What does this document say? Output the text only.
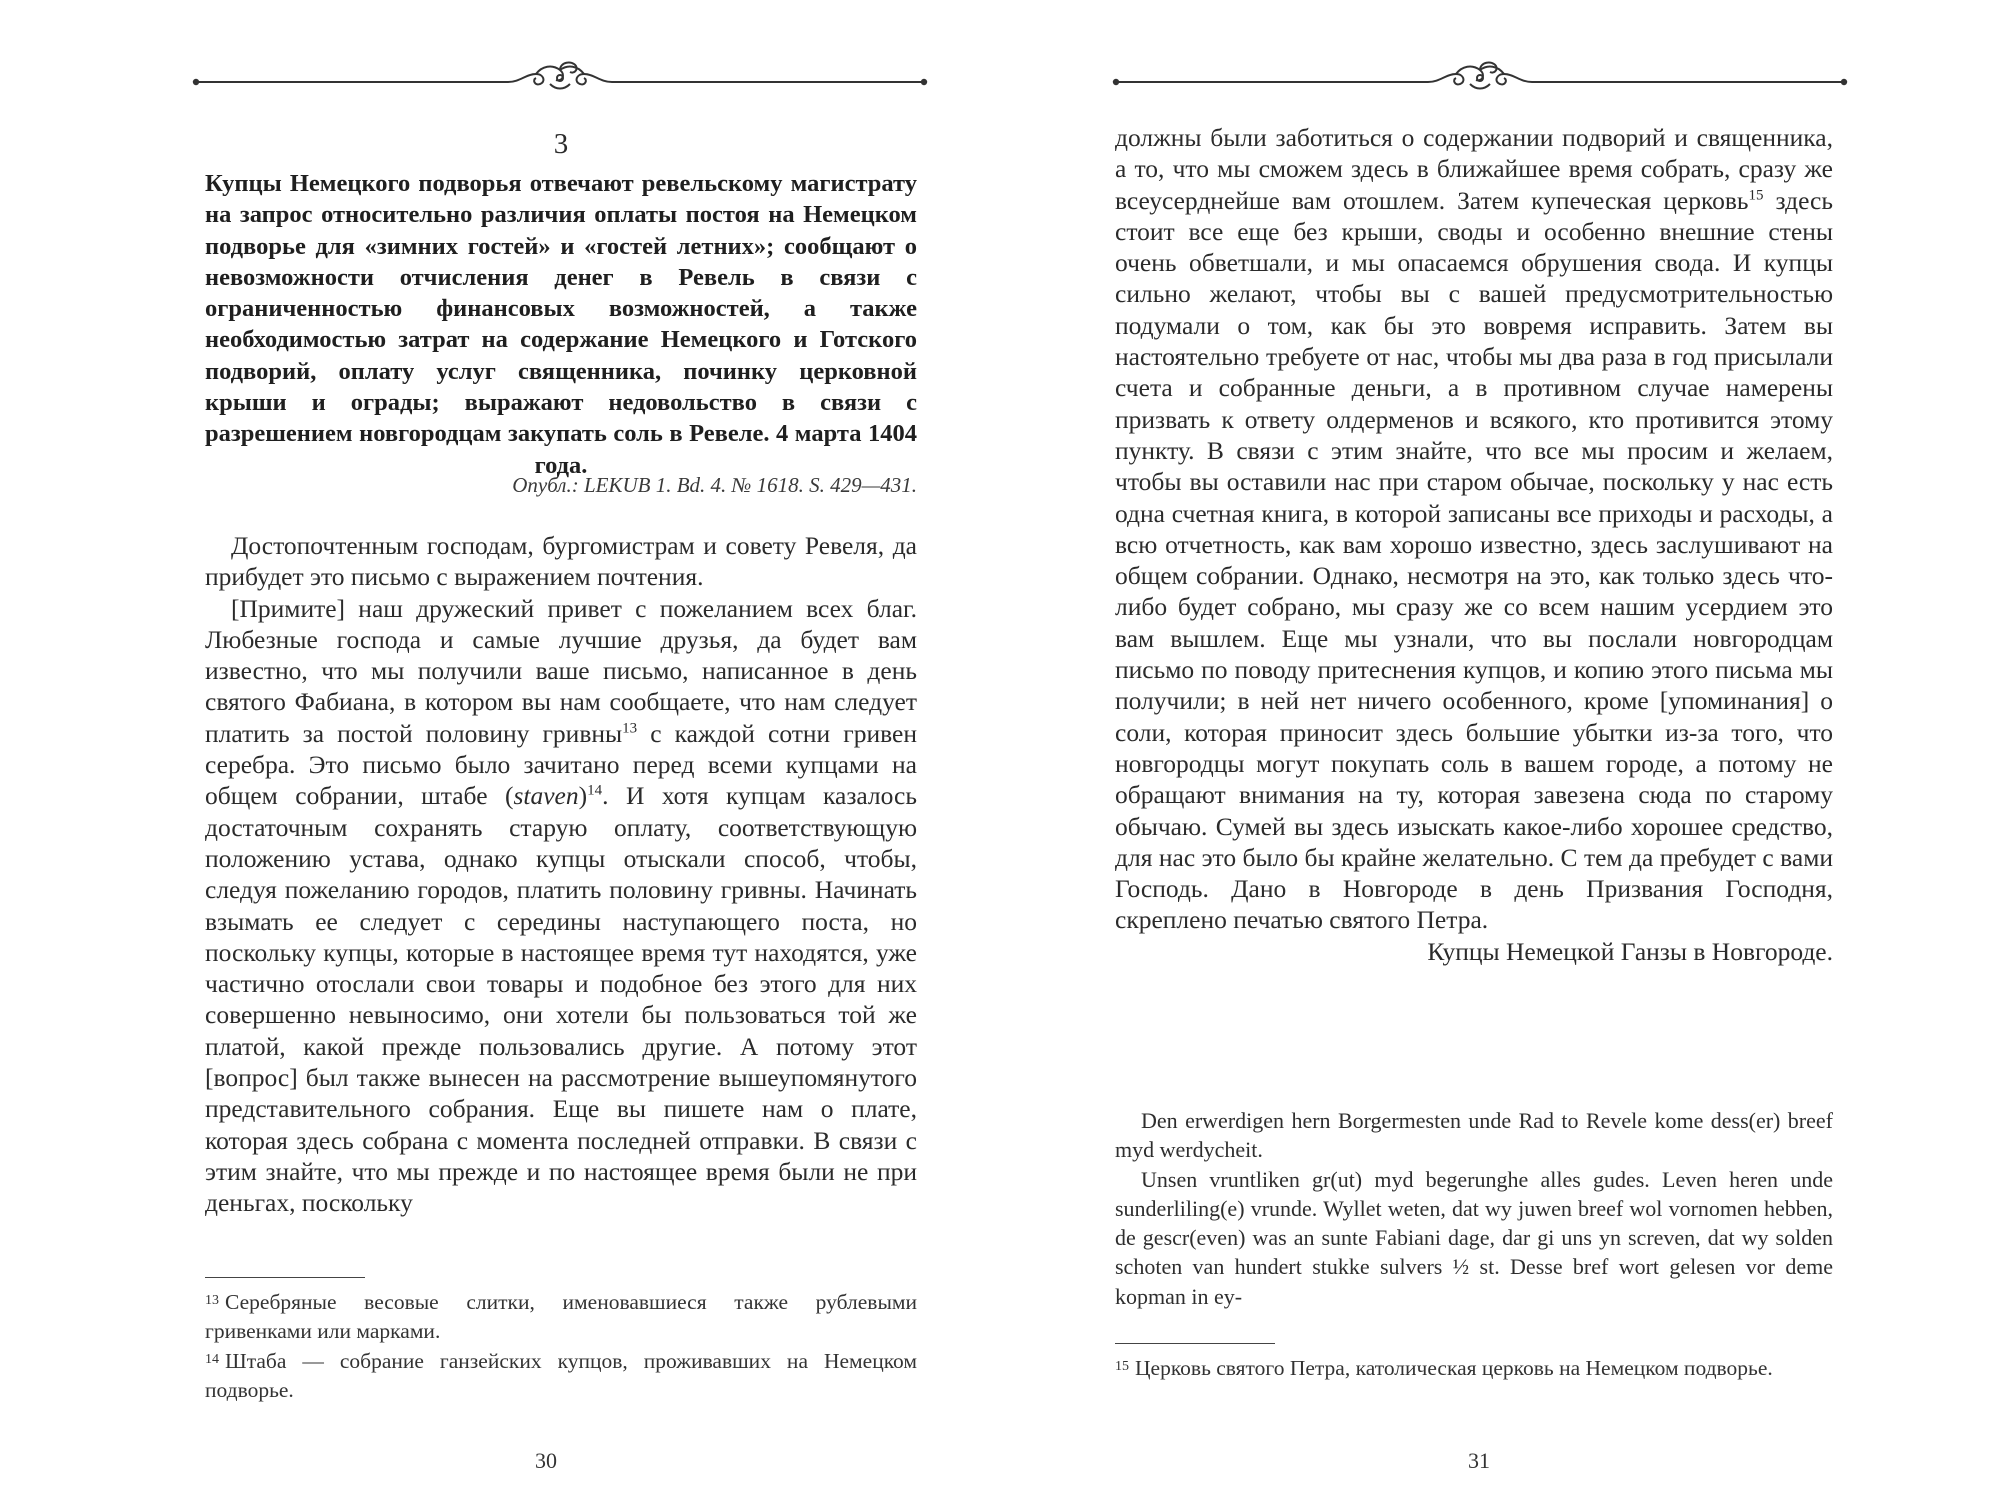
3
Купцы Немецкого подворья отвечают ревельскому магистрату на запрос относительно различия оплаты постоя на Немецком подворье для «зимних гостей» и «гостей летних»; сообщают о невозможности отчисления денег в Ревель в связи с ограниченностью финансовых возможностей, а также необходимостью затрат на содержание Немецкого и Готского подворий, оплату услуг священника, починку церковной крыши и ограды; выражают недовольство в связи с разрешением новгородцам закупать соль в Ревеле. 4 марта 1404 года.
Опубл.: LEKUB 1. Bd. 4. № 1618. S. 429—431.

Достопочтенным господам, бургомистрам и совету Ревеля, да прибудет это письмо с выражением почтения.

[Примите] наш дружеский привет с пожеланием всех благ. Любезные господа и самые лучшие друзья, да будет вам известно, что мы получили ваше письмо, написанное в день святого Фабиана, в котором вы нам сообщаете, что нам следует платить за постой половину гривны$^{13}$ с каждой сотни гривен серебра. Это письмо было зачитано перед всеми купцами на общем собрании, штабе (staven)$^{14}$. И хотя купцам казалось достаточным сохранять старую оплату, соответствующую положению устава, однако купцы отыскали способ, чтобы, следуя пожеланию городов, платить половину гривны. Начинать взымать ее следует с середины наступающего поста, но поскольку купцы, которые в настоящее время тут находятся, уже частично отослали свои товары и подобное без этого для них совершенно невыносимо, они хотели бы пользоваться той же платой, какой прежде пользовались другие. А потому этот [вопрос] был также вынесен на рассмотрение вышеупомянутого представительного собрания. Еще вы пишете нам о плате, которая здесь собрана с момента последней отправки. В связи с этим знайте, что мы прежде и по настоящее время были не при деньгах, поскольку

$^{13}$ Серебряные весовые слитки, именовавшиеся также рублевыми гривенками или марками.

$^{14}$ Штаба — собрание ганзейских купцов, проживавших на Немецком подворье.

30

должны были заботиться о содержании подворий и священника, а то, что мы сможем здесь в ближайшее время собрать, сразу же всеусерднейше вам отошлем. Затем купеческая церковь$^{15}$ здесь стоит все еще без крыши, своды и особенно внешние стены очень обветшали, и мы опасаемся обрушения свода. И купцы сильно желают, чтобы вы с вашей предусмотрительностью подумали о том, как бы это вовремя исправить. Затем вы настоятельно требуете от нас, чтобы мы два раза в год присылали счета и собранные деньги, а в противном случае намерены призвать к ответу олдерменов и всякого, кто противится этому пункту. В связи с этим знайте, что все мы просим и желаем, чтобы вы оставили нас при старом обычае, поскольку у нас есть одна счетная книга, в которой записаны все приходы и расходы, а всю отчетность, как вам хорошо известно, здесь заслушивают на общем собрании. Однако, несмотря на это, как только здесь что-либо будет собрано, мы сразу же со всем нашим усердием это вам вышлем. Еще мы узнали, что вы послали новгородцам письмо по поводу притеснения купцов, и копию этого письма мы получили; в ней нет ничего особенного, кроме [упоминания] о соли, которая приносит здесь большие убытки из-за того, что новгородцы могут покупать соль в вашем городе, а потому не обращают внимания на ту, которая завезена сюда по старому обычаю. Сумей вы здесь изыскать какое-либо хорошее средство, для нас это было бы крайне желательно. С тем да пребудет с вами Господь. Дано в Новгороде в день Призвания Господня, скреплено печатью святого Петра.

Купцы Немецкой Ганзы в Новгороде.

Den erwerdigen hern Borgermesten unde Rad to Revele kome dess(er) breef myd werdycheit.

Unsen vruntliken gr(ut) myd begerunghe alles gudes. Leven heren unde sunderliling(e) vrunde. Wyllet weten, dat wy juwen breef wol vornomen hebben, de gescr(even) was an sunte Fabiani dage, dar gi uns yn screven, dat wy solden schoten van hundert stukke sulvers ½ st. Desse bref wort gelesen vor deme kopman in ey-

$^{15}$ Церковь святого Петра, католическая церковь на Немецком подворье.

31
